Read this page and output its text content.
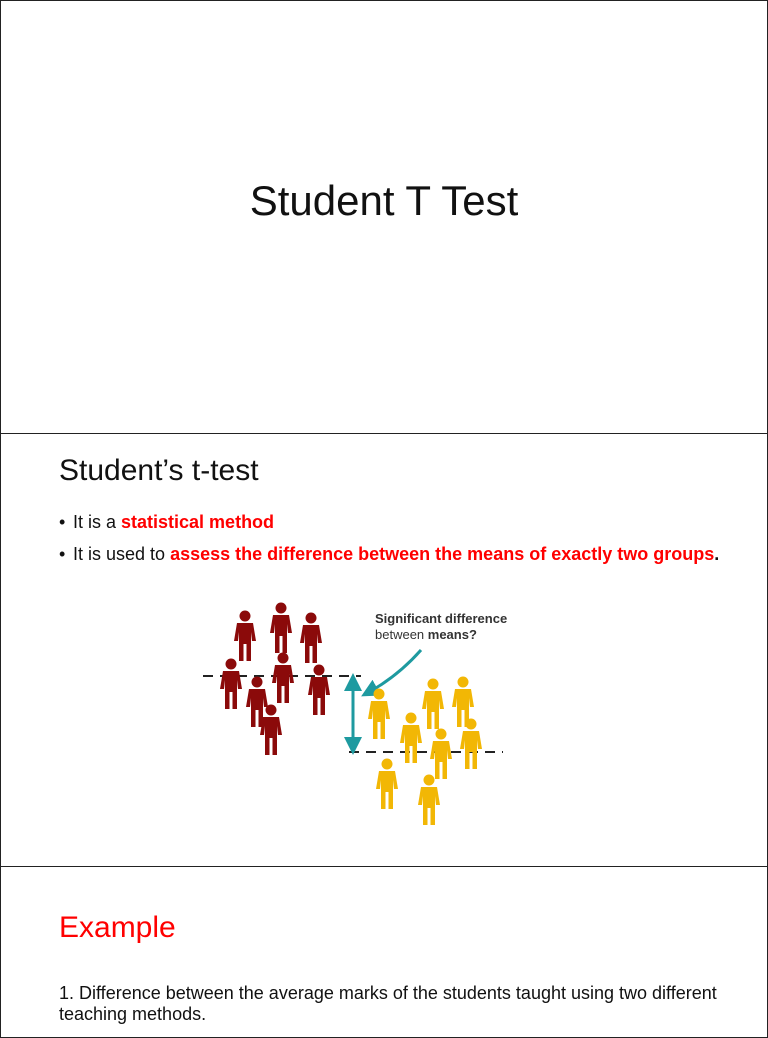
Student T Test
Student’s t-test
• It is a statistical method
• It is used to assess the difference between the means of exactly two groups.
Significant difference
between means?
Example

1. Difference between the average marks of the students taught using two different teaching methods.
